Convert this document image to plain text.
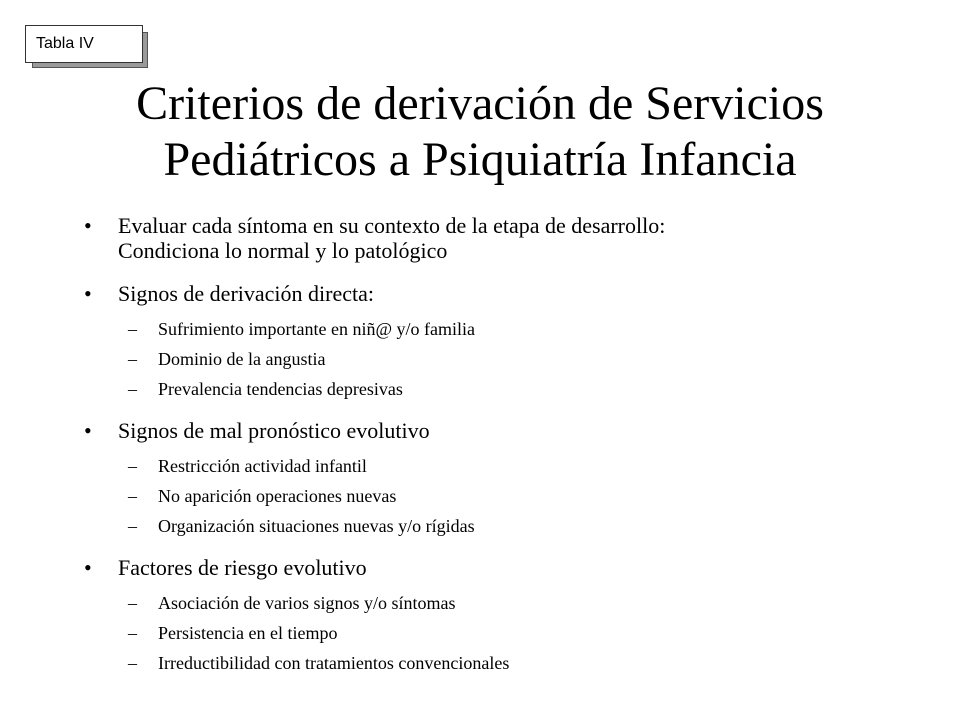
Tabla IV
Criterios de derivación de Servicios
Pediátricos a Psiquiatría Infancia
• Evaluar cada síntoma en su contexto de la etapa de desarrollo:
Condiciona lo normal y lo patológico
• Signos de derivación directa:
– Sufrimiento importante en niñ@ y/o familia
– Dominio de la angustia
– Prevalencia tendencias depresivas
• Signos de mal pronóstico evolutivo
– Restricción actividad infantil
– No aparición operaciones nuevas
– Organización situaciones nuevas y/o rígidas
• Factores de riesgo evolutivo
– Asociación de varios signos y/o síntomas
– Persistencia en el tiempo
– Irreductibilidad con tratamientos convencionales
